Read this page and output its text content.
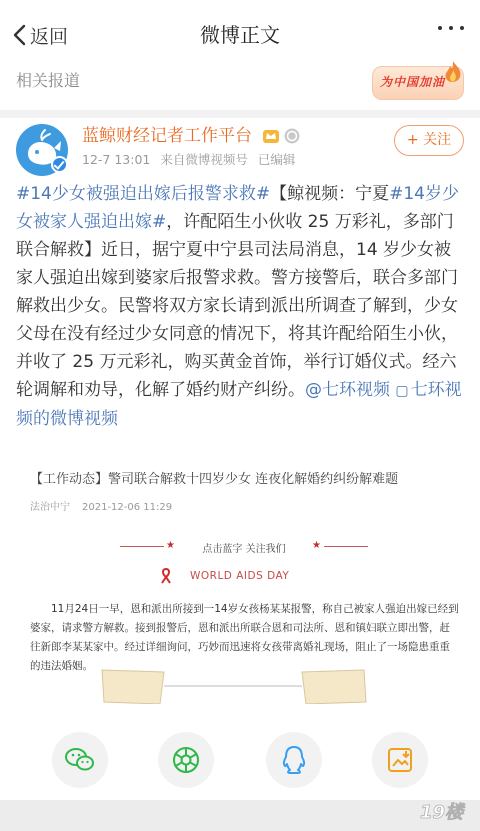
返回	微博正文
相关报道	为中国加油
蓝鲸财经记者工作平台
12-7 13:01 来自微博视频号 已编辑
+ 关注
#14少女被强迫出嫁后报警求救#【鲸视频：宁夏#14岁少女被家人强迫出嫁#，许配陌生小伙收 25 万彩礼，多部门联合解救】近日，据宁夏中宁县司法局消息，14 岁少女被家人强迫出嫁到婆家后报警求救。警方接警后，联合多部门解救出少女。民警将双方家长请到派出所调查了解到，少女父母在没有经过少女同意的情况下，将其许配给陌生小伙，并收了 25 万元彩礼，购买黄金首饰，举行订婚仪式。经六轮调解和劝导，化解了婚约财产纠纷。@七环视频 ▢ 七环视频的微博视频
【工作动态】警司联合解救十四岁少女 连夜化解婚约纠纷解难题
法治中宁 2021-12-06 11:29
★	点击蓝字 关注我们	★
WORLD AIDS DAY
11月24日一早，恩和派出所接到一14岁女孩杨某某报警，称自己被家人强迫出嫁已经到婆家，请求警方解救。接到报警后，恩和派出所联合恩和司法所、恩和镇妇联立即出警，赶往新郎李某某家中。经过详细询问，巧妙而迅速将女孩带离婚礼现场，阻止了一场隐患重重的违法婚姻。
19楼
